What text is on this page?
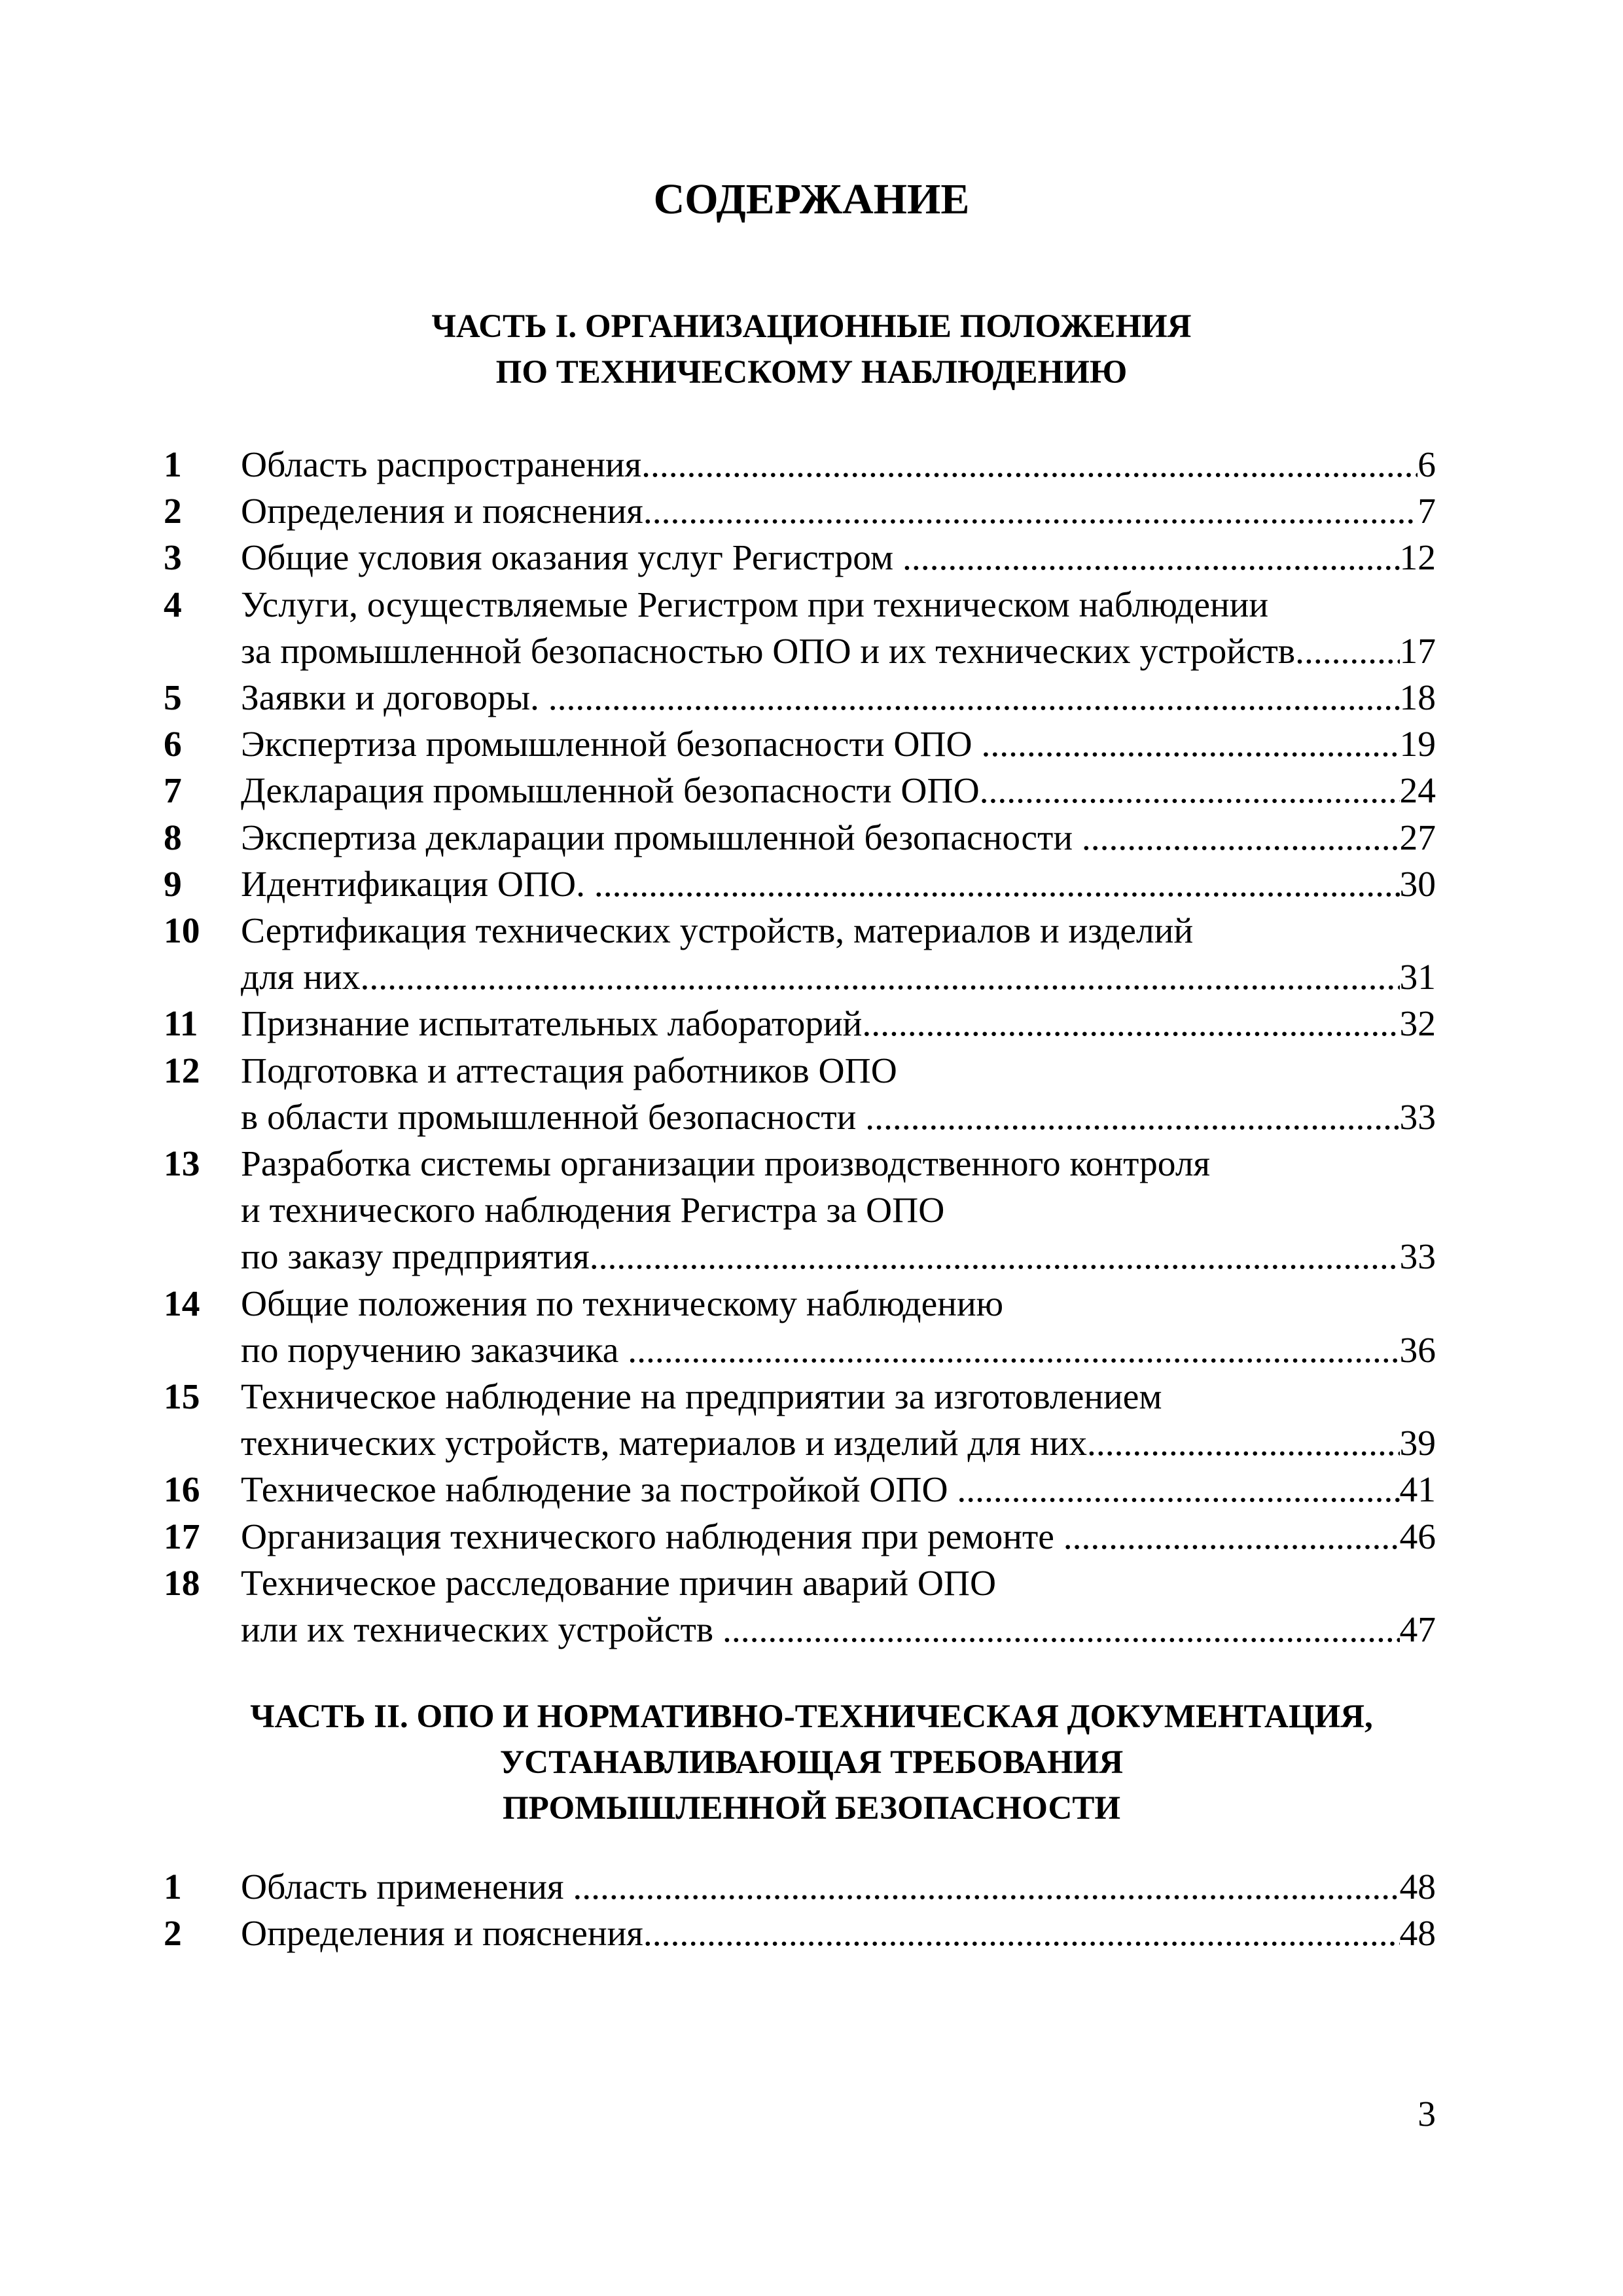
СОДЕРЖАНИЕ
ЧАСТЬ I. ОРГАНИЗАЦИОННЫЕ ПОЛОЖЕНИЯ
ПО ТЕХНИЧЕСКОМУ НАБЛЮДЕНИЮ
1	Область распространения. .....	6
2	Определения и пояснения .....	7
3	Общие условия оказания услуг Регистром .....	12
4	Услуги, осуществляемые Регистром при техническом наблюдении
за промышленной безопасностью ОПО и их технических устройств .....	17
5	Заявки и договоры. .....	18
6	Экспертиза промышленной безопасности ОПО .....	19
7	Декларация промышленной безопасности ОПО. .....	24
8	Экспертиза декларации промышленной безопасности .....	27
9	Идентификация ОПО. .....	30
10	Сертификация технических устройств, материалов и изделий
для них. .....	31
11	Признание испытательных лабораторий .....	32
12	Подготовка и аттестация работников ОПО
в области промышленной безопасности .....	33
13	Разработка системы организации производственного контроля
и технического наблюдения Регистра за ОПО
по заказу предприятия .....	33
14	Общие положения по техническому наблюдению
по поручению заказчика .....	36
15	Техническое наблюдение на предприятии за изготовлением
технических устройств, материалов и изделий для них. .....	39
16	Техническое наблюдение за постройкой ОПО .....	41
17	Организация технического наблюдения при ремонте .....	46
18	Техническое расследование причин аварий ОПО
или их технических устройств .....	47
ЧАСТЬ II. ОПО И НОРМАТИВНО-ТЕХНИЧЕСКАЯ ДОКУМЕНТАЦИЯ,
УСТАНАВЛИВАЮЩАЯ ТРЕБОВАНИЯ
ПРОМЫШЛЕННОЙ БЕЗОПАСНОСТИ
1	Область применения .....	48
2	Определения и пояснения .....	48
3
